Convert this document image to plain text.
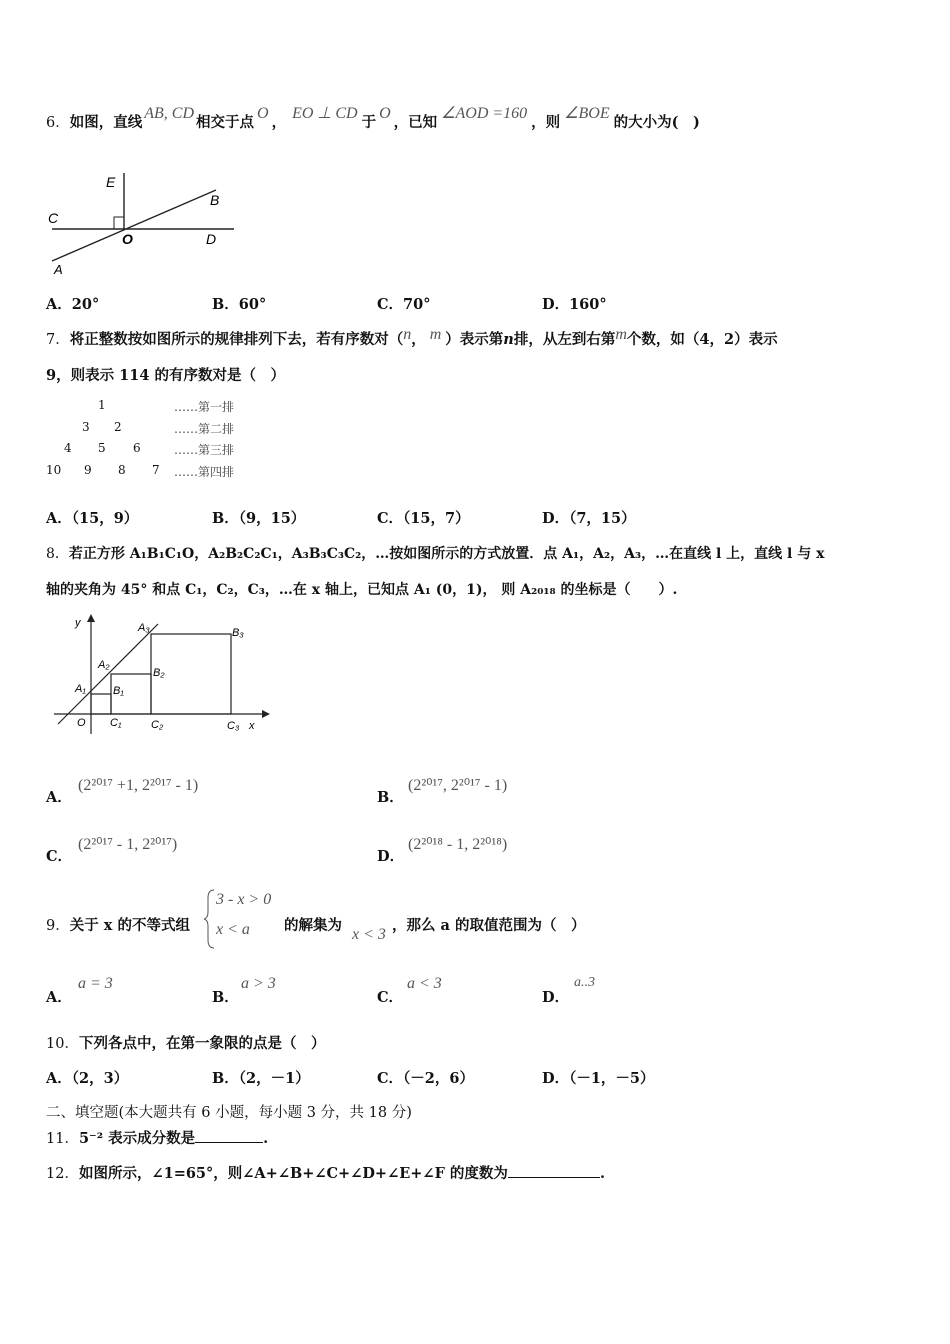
6．如图，直线AB, CD相交于点O，EO ⊥ CD于O，已知∠AOD =160，则∠BOE的大小为(　)
E
B
C
O	D
A
A．20°	B．60°	C．70°	D．160°
7．将正整数按如图所示的规律排列下去，若有序数对（n， m ）表示第n排，从左到右第m个数，如（4，2）表示
9，则表示 114 的有序数对是（　）
1
3 2
4 5 6
10 9 8 7
……第一排
……第二排
……第三排
……第四排
A．（15，9）	B．（9，15）	C．（15，7）	D．（7，15）
8．若正方形 A₁B₁C₁O，A₂B₂C₂C₁，A₃B₃C₃C₂，…按如图所示的方式放置．点 A₁，A₂，A₃，…在直线 l 上，直线 l 与 x
轴的夹角为 45° 和点 C₁，C₂，C₃，…在 x 轴上，已知点 A₁ (0，1)， 则 A₂₀₁₈ 的坐标是（　　）.
y
x
O
A₁
A₂
A₃
B₁
B₂
B₃
C₁	C₂	C₃
A．
(2²⁰¹⁷ +1, 2²⁰¹⁷ - 1)
B．
(2²⁰¹⁷, 2²⁰¹⁷ - 1)
C．
(2²⁰¹⁷ - 1, 2²⁰¹⁷)
D．
(2²⁰¹⁸ - 1, 2²⁰¹⁸)
9．关于 x 的不等式组
3 - x > 0
x < a 的解集为
x < 3
，那么 a 的取值范围为（　）
A．
a = 3
B．
a > 3
C．
a < 3
D．
a..3
10．下列各点中，在第一象限的点是（　）
A．（2，3）	B．（2，－1）	C．（－2，6）	D．（－1，－5）
二、填空题(本大题共有 6 小题，每小题 3 分，共 18 分)
11．5⁻² 表示成分数是	.
12．如图所示，∠1=65°，则∠A+∠B+∠C+∠D+∠E+∠F 的度数为	.
